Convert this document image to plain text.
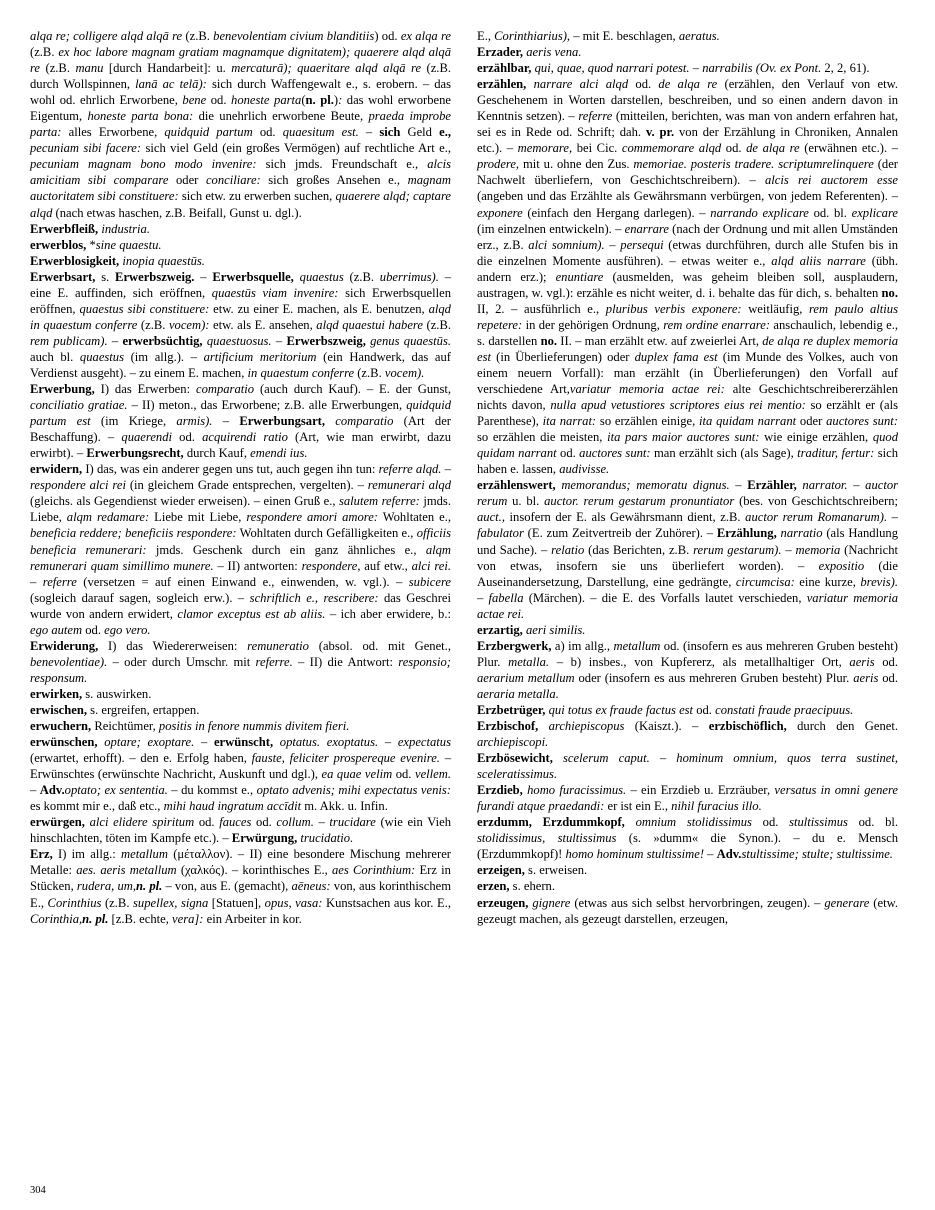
alqa re; colligere alqd alqā re (z.B. benevolentiam civium blanditiis) od. ex alqa re (z.B. ex hoc labore magnam gratiam magnamque dignitatem); quaerere alqd alqā re (z.B. manu [durch Handarbeit]: u. mercaturā); quaeritare alqd alqā re (z.B. durch Wollspinnen, lanā ac telā): sich durch Waffengewalt e., s. erobern. – das wohl od. ehrlich Erworbene, bene od. honeste parta(n. pl.): das wohl erworbene Eigentum, honeste parta bona: die unehrlich erworbene Beute, praeda improbe parta: alles Erworbene, quidquid partum od. quaesitum est. – sich Geld e., pecuniam sibi facere: sich viel Geld (ein großes Vermögen) auf rechtliche Art e., pecuniam magnam bono modo invenire: sich jmds. Freundschaft e., alcis amicitiam sibi comparare oder conciliare: sich großes Ansehen e., magnam auctoritatem sibi constituere: sich etw. zu erwerben suchen, quaerere alqd; captare alqd (nach etwas haschen, z.B. Beifall, Gunst u. dgl.).

Erwerbfleiß, industria.

erwerblos, *sine quaestu.

Erwerblosigkeit, inopia quaestūs.

Erwerbsart, s. Erwerbszweig. – Erwerbsquelle, quaestus (z.B. uberrimus). – eine E. auffinden, sich eröffnen, quaestūs viam invenire: sich Erwerbsquellen eröffnen, quaestus sibi constituere: etw. zu einer E. machen, als E. benutzen, alqd in quaestum conferre (z.B. vocem): etw. als E. ansehen, alqd quaestui habere (z.B. rem publicam). – erwerbsüchtig, quaestuosus. – Erwerbszweig, genus quaestūs. auch bl. quaestus (im allg.). – artificium meritorium (ein Handwerk, das auf Verdienst ausgeht). – zu einem E. machen, in quaestum conferre (z.B. vocem).

Erwerbung, I) das Erwerben: comparatio (auch durch Kauf). – E. der Gunst, conciliatio gratiae. – II) meton., das Erworbene; z.B. alle Erwerbungen, quidquid partum est (im Kriege, armis). – Erwerbungsart, comparatio (Art der Beschaffung). – quaerendi od. acquirendi ratio (Art, wie man erwirbt, dazu erwirbt). – Erwerbungsrecht, durch Kauf, emendi ius.

erwidern, I) das, was ein anderer gegen uns tut, auch gegen ihn tun: referre alqd. – respondere alci rei (in gleichem Grade entsprechen, vergelten). – remunerari alqd (gleichs. als Gegendienst wieder erweisen). – einen Gruß e., salutem referre: jmds. Liebe, alqm redamare: Liebe mit Liebe, respondere amori amore: Wohltaten e., beneficia reddere; beneficiis respondere: Wohltaten durch Gefälligkeiten e., officiis beneficia remunerari: jmds. Geschenk durch ein ganz ähnliches e., alqm remunerari quam simillimo munere. – II) antworten: respondere, auf etw., alci rei. – referre (versetzen = auf einen Einwand e., einwenden, w. vgl.). – subicere (sogleich darauf sagen, sogleich erw.). – schriftlich e., rescribere: das Geschrei wurde von andern erwidert, clamor exceptus est ab aliis. – ich aber erwidere, b.: ego autem od. ego vero.

Erwiderung, I) das Wiedererweisen: remuneratio (absol. od. mit Genet., benevolentiae). – oder durch Umschr. mit referre. – II) die Antwort: responsio; responsum.

erwirken, s. auswirken.

erwischen, s. ergreifen, ertappen.

erwuchern, Reichtümer, positis in fenore nummis divitem fieri.

erwünschen, optare; exoptare. – erwünscht, optatus. exoptatus. – expectatus (erwartet, erhofft). – den e. Erfolg haben, fauste, feliciter prospereque evenire. – Erwünschtes (erwünschte Nachricht, Auskunft und dgl.), ea quae velim od. vellem. – Adv.optato; ex sententia. – du kommst e., optato advenis; mihi expectatus venis: es kommt mir e., daß etc., mihi haud ingratum accīdit m. Akk. u. Infin.

erwürgen, alci elidere spiritum od. fauces od. collum. – trucidare (wie ein Vieh hinschlachten, töten im Kampfe etc.). – Erwürgung, trucidatio.

Erz, I) im allg.: metallum (μέταλλον). – II) eine besondere Mischung mehrerer Metalle: aes. aeris metallum (χαλκός). – korinthisches E., aes Corinthium: Erz in Stücken, rudera, um,n. pl. – von, aus E. (gemacht), aēneus: von, aus korinthischem E., Corinthius (z.B. supellex, signa [Statuen], opus, vasa: Kunstsachen aus kor. E., Corinthia,n. pl. [z.B. echte, vera]: ein Arbeiter in kor.

E., Corinthiarius), – mit E. beschlagen, aeratus.

Erzader, aeris vena.

erzählbar, qui, quae, quod narrari potest. – narrabilis (Ov. ex Pont. 2, 2, 61).

erzählen, narrare alci alqd od. de alqa re (erzählen, den Verlauf von etw. Geschehenem in Worten darstellen, beschreiben, und so einen andern davon in Kenntnis setzen). – referre (mitteilen, berichten, was man von andern erfahren hat, sei es in Rede od. Schrift; dah. v. pr. von der Erzählung in Chroniken, Annalen etc.). – memorare, bei Cic. commemorare alqd od. de alqa re (erwähnen etc.). – prodere, mit u. ohne den Zus. memoriae. posteris tradere. scriptumrelinquere (der Nachwelt überliefern, von Geschichtschreibern). – alcis rei auctorem esse (angeben und das Erzählte als Gewährsmann verbürgen, von jedem Referenten). – exponere (einfach den Hergang darlegen). – narrando explicare od. bl. explicare (im einzelnen entwickeln). – enarrare (nach der Ordnung und mit allen Umständen erz., z.B. alci somnium). – persequi (etwas durchführen, durch alle Stufen bis in die einzelnen Momente ausführen). – etwas weiter e., alqd aliis narrare (übh. andern erz.); enuntiare (ausmelden, was geheim bleiben soll, ausplaudern, austragen, w. vgl.): erzähle es nicht weiter, d. i. behalte das für dich, s. behalten no. II, 2. – ausführlich e., pluribus verbis exponere: weitläufig, rem paulo altius repetere: in der gehörigen Ordnung, rem ordine enarrare: anschaulich, lebendig e., s. darstellen no. II. – man erzählt etw. auf zweierlei Art, de alqa re duplex memoria est (in Überlieferungen) oder duplex fama est (im Munde des Volkes, auch von einem neuern Vorfall): man erzählt (in Überlieferungen) den Vorfall auf verschiedene Art,variatur memoria actae rei: alte Geschichtschreibererzählen nichts davon, nulla apud vetustiores scriptores eius rei mentio: so erzählt er (als Parenthese), ita narrat: so erzählen einige, ita quidam narrant oder auctores sunt: so erzählen die meisten, ita pars maior auctores sunt: wie einige erzählen, quod quidam narrant od. auctores sunt: man erzählt sich (als Sage), traditur, fertur: sich haben e. lassen, audivisse.

erzählenswert, memorandus; memoratu dignus. – Erzähler, narrator. – auctor rerum u. bl. auctor. rerum gestarum pronuntiator (bes. von Geschichtschreibern; auct., insofern der E. als Gewährsmann dient, z.B. auctor rerum Romanarum). – fabulator (E. zum Zeitvertreib der Zuhörer). – Erzählung, narratio (als Handlung und Sache). – relatio (das Berichten, z.B. rerum gestarum). – memoria (Nachricht von etwas, insofern sie uns überliefert worden). – expositio (die Auseinandersetzung, Darstellung, eine gedrängte, circumcisa: eine kurze, brevis). – fabella (Märchen). – die E. des Vorfalls lautet verschieden, variatur memoria actae rei.

erzartig, aeri similis.

Erzbergwerk, a) im allg., metallum od. (insofern es aus mehreren Gruben besteht) Plur. metalla. – b) insbes., von Kupfererz, als metallhaltiger Ort, aeris od. aerarium metallum oder (insofern es aus mehreren Gruben besteht) Plur. aeris od. aeraria metalla.

Erzbetrüger, qui totus ex fraude factus est od. constati fraude praecipuus.

Erzbischof, archiepiscopus (Kaiszt.). – erzbischöflich, durch den Genet. archiepiscopi.

Erzbösewicht, scelerum caput. – hominum omnium, quos terra sustinet, sceleratissimus.

Erzdieb, homo furacissimus. – ein Erzdieb u. Erzräuber, versatus in omni genere furandi atque praedandi: er ist ein E., nihil furacius illo.

erzdumm, Erzdummkopf, omnium stolidissimus od. stultissimus od. bl. stolidissimus, stultissimus (s. »dumm« die Synon.). – du e. Mensch (Erzdummkopf)! homo hominum stultissime! – Adv.stultissime; stulte; stultissime.

erzeigen, s. erweisen.

erzen, s. ehern.

erzeugen, gignere (etwas aus sich selbst hervorbringen, zeugen). – generare (etw. gezeugt machen, als gezeugt darstellen, erzeugen,

304
